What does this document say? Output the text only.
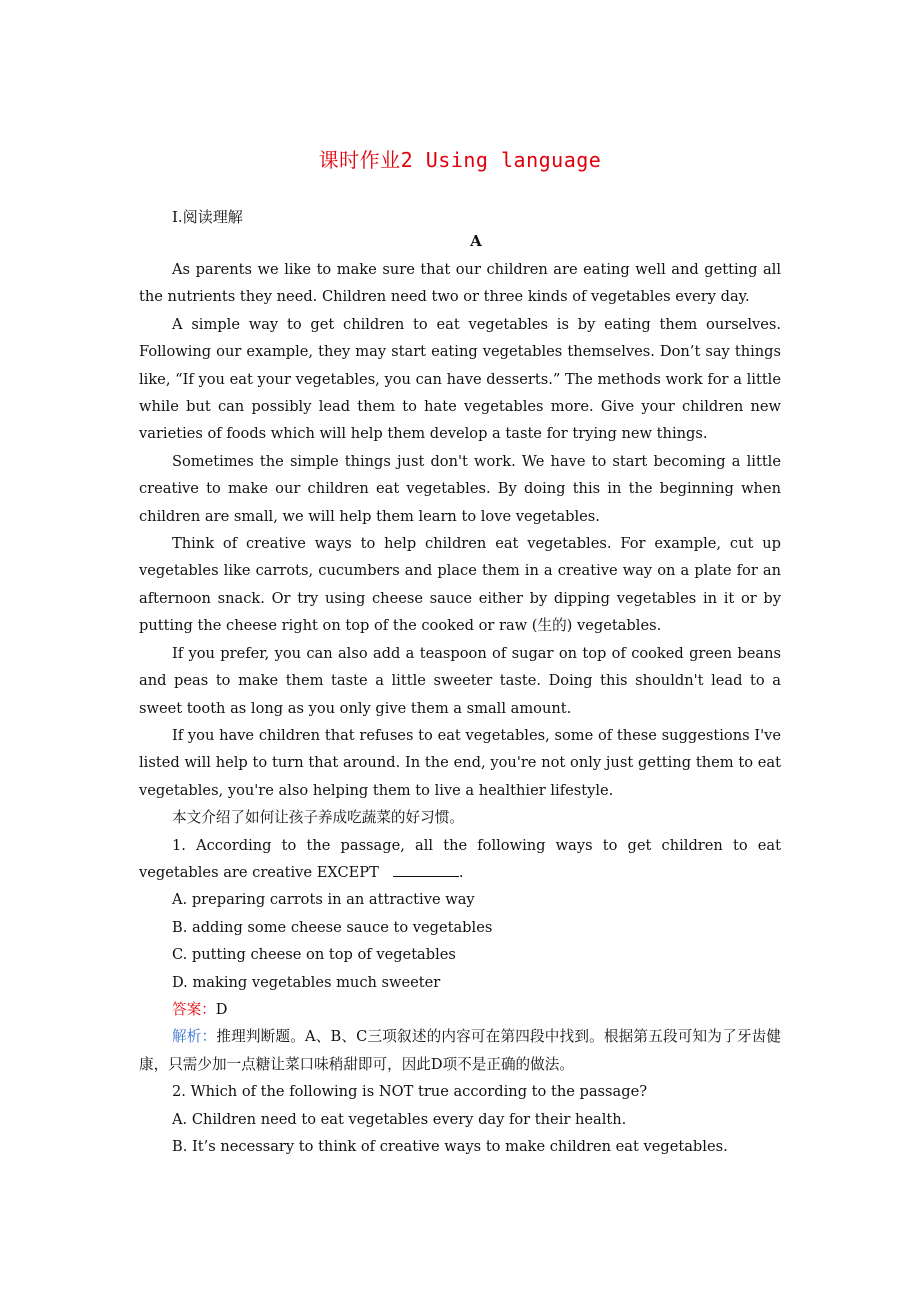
课时作业2 Using language
Ⅰ.阅读理解
A

As parents we like to make sure that our children are eating well and getting all the nutrients they need. Children need two or three kinds of vegetables every day.

A simple way to get children to eat vegetables is by eating them ourselves. Following our example, they may start eating vegetables themselves. Don’t say things like, “If you eat your vegetables, you can have desserts.” The methods work for a little while but can possibly lead them to hate vegetables more. Give your children new varieties of foods which will help them develop a taste for trying new things.

Sometimes the simple things just don't work. We have to start becoming a little creative to make our children eat vegetables. By doing this in the beginning when children are small, we will help them learn to love vegetables.

Think of creative ways to help children eat vegetables. For example, cut up vegetables like carrots, cucumbers and place them in a creative way on a plate for an afternoon snack. Or try using cheese sauce either by dipping vegetables in it or by putting the cheese right on top of the cooked or raw (生的) vegetables.

If you prefer, you can also add a teaspoon of sugar on top of cooked green beans and peas to make them taste a little sweeter taste. Doing this shouldn't lead to a sweet tooth as long as you only give them a small amount.

If you have children that refuses to eat vegetables, some of these suggestions I've listed will help to turn that around. In the end, you're not only just getting them to eat vegetables, you're also helping them to live a healthier lifestyle.

本文介绍了如何让孩子养成吃蔬菜的好习惯。

1. According to the passage, all the following ways to get children to eat vegetables are creative EXCEPT	.

A. preparing carrots in an attractive way

B. adding some cheese sauce to vegetables

C. putting cheese on top of vegetables

D. making vegetables much sweeter

答案：D

解析：推理判断题。A、B、C三项叙述的内容可在第四段中找到。根据第五段可知为了牙齿健康，只需少加一点糖让菜口味稍甜即可，因此D项不是正确的做法。

2. Which of the following is NOT true according to the passage?

A. Children need to eat vegetables every day for their health.

B. It’s necessary to think of creative ways to make children eat vegetables.
